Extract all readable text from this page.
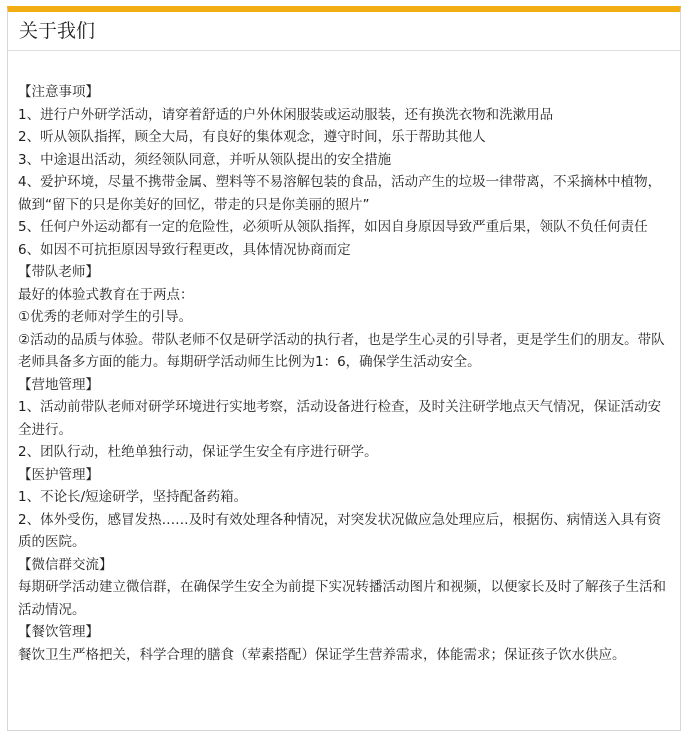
关于我们
【注意事项】
1、进行户外研学活动，请穿着舒适的户外休闲服装或运动服装，还有换洗衣物和洗漱用品
2、听从领队指挥，顾全大局，有良好的集体观念，遵守时间，乐于帮助其他人
3、中途退出活动，须经领队同意，并听从领队提出的安全措施
4、爱护环境，尽量不携带金属、塑料等不易溶解包装的食品，活动产生的垃圾一律带离，不采摘林中植物，做到“留下的只是你美好的回忆，带走的只是你美丽的照片”
5、任何户外运动都有一定的危险性，必须听从领队指挥，如因自身原因导致严重后果，领队不负任何责任
6、如因不可抗拒原因导致行程更改，具体情况协商而定
【带队老师】
最好的体验式教育在于两点：
①优秀的老师对学生的引导。
②活动的品质与体验。带队老师不仅是研学活动的执行者，也是学生心灵的引导者，更是学生们的朋友。带队老师具备多方面的能力。每期研学活动师生比例为1：6，确保学生活动安全。
【营地管理】
1、活动前带队老师对研学环境进行实地考察，活动设备进行检查，及时关注研学地点天气情况，保证活动安全进行。
2、团队行动，杜绝单独行动，保证学生安全有序进行研学。
【医护管理】
1、不论长/短途研学，坚持配备药箱。
2、体外受伤，感冒发热……及时有效处理各种情况，对突发状况做应急处理应后，根据伤、病情送入具有资质的医院。
【微信群交流】
每期研学活动建立微信群，在确保学生安全为前提下实况转播活动图片和视频，以便家长及时了解孩子生活和活动情况。
【餐饮管理】
餐饮卫生严格把关，科学合理的膳食（荤素搭配）保证学生营养需求，体能需求；保证孩子饮水供应。
